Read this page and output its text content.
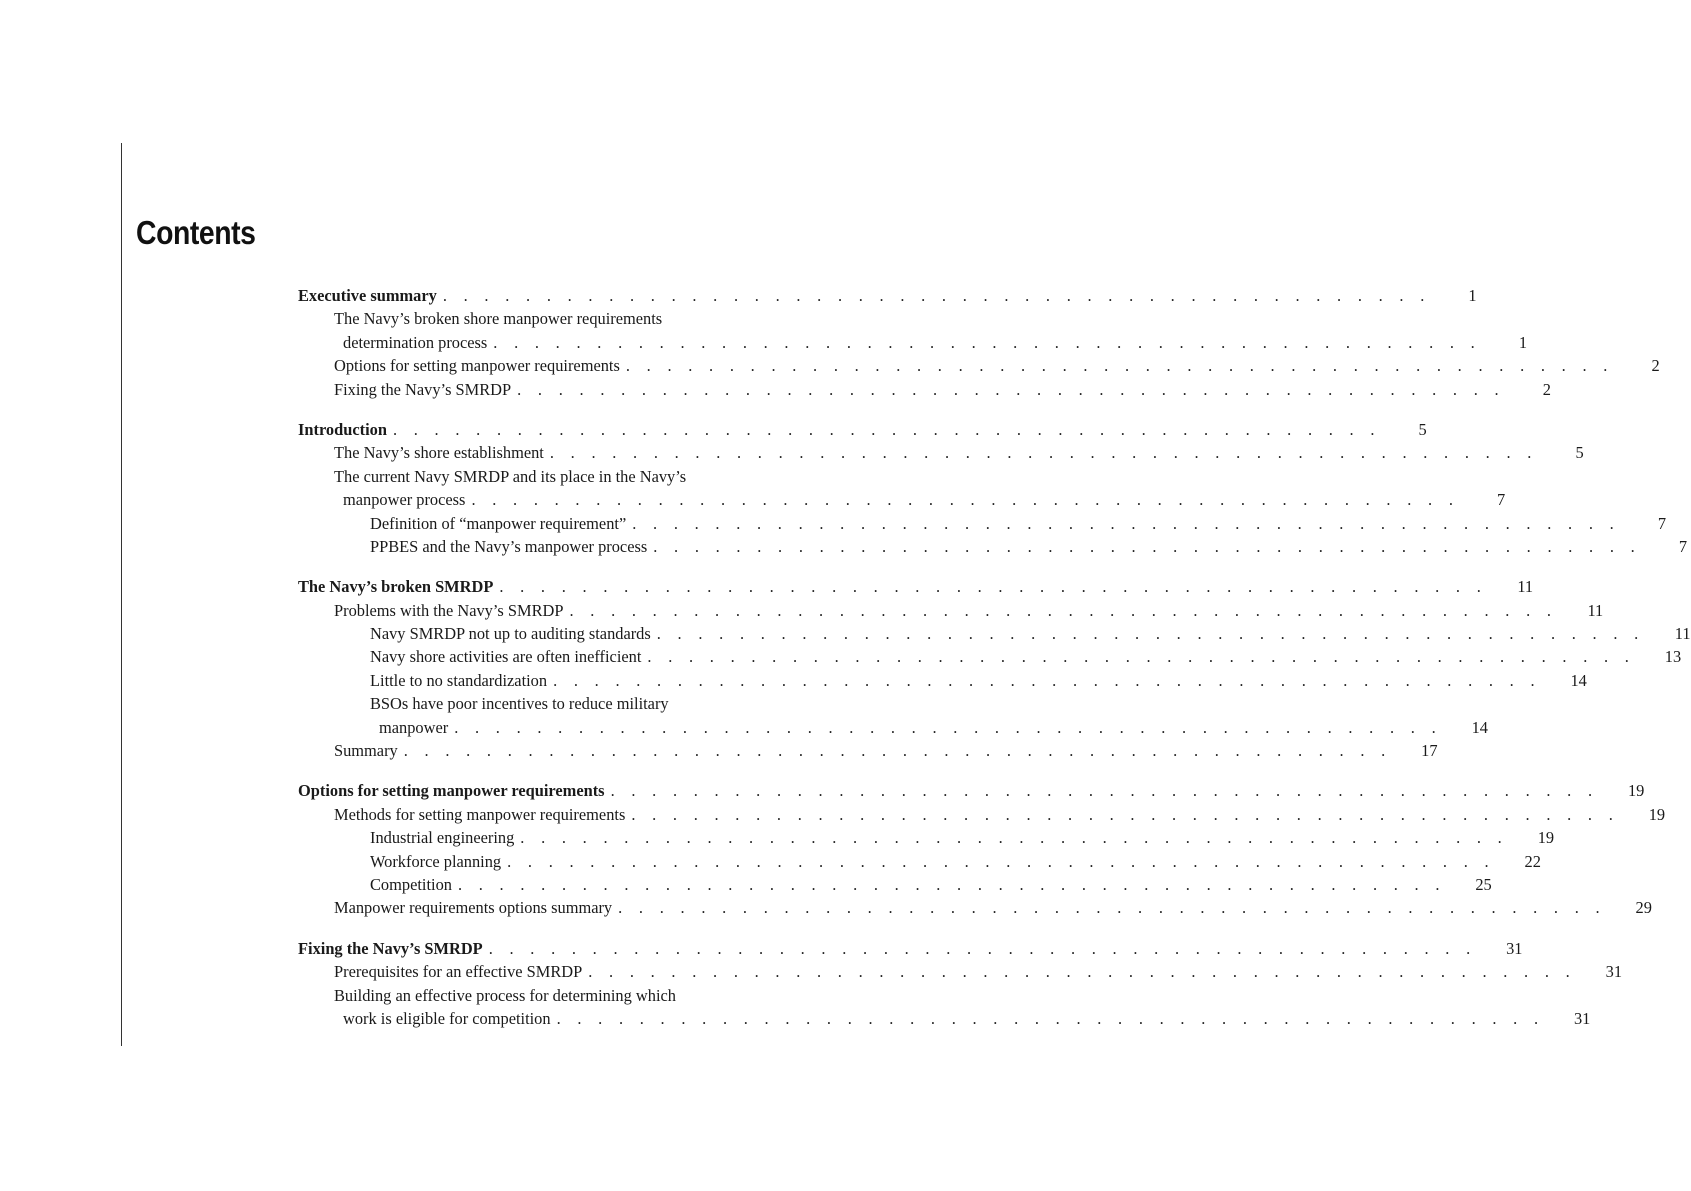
Contents
Executive summary . . . . . . . . . . . . . . . . . . . . . . . . . . . . . . . . . . . . . . . . . . . . . . . .	1
The Navy’s broken shore manpower requirements
determination process . . . . . . . . . . . . . . . . . . . . . . . . . . . . . . . . . . . . . . . . . . . . . . . .	1
Options for setting manpower requirements . . . . . . . . . . . . . . . . . . . . . . . . . . . . . . . . . . . . . . . . . . . . . . . .	2
Fixing the Navy’s SMRDP . . . . . . . . . . . . . . . . . . . . . . . . . . . . . . . . . . . . . . . . . . . . . . . .	2
Introduction . . . . . . . . . . . . . . . . . . . . . . . . . . . . . . . . . . . . . . . . . . . . . . . .	5
The Navy’s shore establishment . . . . . . . . . . . . . . . . . . . . . . . . . . . . . . . . . . . . . . . . . . . . . . . .	5
The current Navy SMRDP and its place in the Navy’s
manpower process . . . . . . . . . . . . . . . . . . . . . . . . . . . . . . . . . . . . . . . . . . . . . . . .	7
Definition of “manpower requirement” . . . . . . . . . . . . . . . . . . . . . . . . . . . . . . . . . . . . . . . . . . . . . . . .	7
PPBES and the Navy’s manpower process . . . . . . . . . . . . . . . . . . . . . . . . . . . . . . . . . . . . . . . . . . . . . . . .	7
The Navy’s broken SMRDP . . . . . . . . . . . . . . . . . . . . . . . . . . . . . . . . . . . . . . . . . . . . . . . .	11
Problems with the Navy’s SMRDP . . . . . . . . . . . . . . . . . . . . . . . . . . . . . . . . . . . . . . . . . . . . . . . .	11
Navy SMRDP not up to auditing standards . . . . . . . . . . . . . . . . . . . . . . . . . . . . . . . . . . . . . . . . . . . . . . . .	11
Navy shore activities are often inefficient . . . . . . . . . . . . . . . . . . . . . . . . . . . . . . . . . . . . . . . . . . . . . . . .	13
Little to no standardization . . . . . . . . . . . . . . . . . . . . . . . . . . . . . . . . . . . . . . . . . . . . . . . .	14
BSOs have poor incentives to reduce military
manpower . . . . . . . . . . . . . . . . . . . . . . . . . . . . . . . . . . . . . . . . . . . . . . . .	14
Summary . . . . . . . . . . . . . . . . . . . . . . . . . . . . . . . . . . . . . . . . . . . . . . . .	17
Options for setting manpower requirements . . . . . . . . . . . . . . . . . . . . . . . . . . . . . . . . . . . . . . . . . . . . . . . .	19
Methods for setting manpower requirements . . . . . . . . . . . . . . . . . . . . . . . . . . . . . . . . . . . . . . . . . . . . . . . .	19
Industrial engineering . . . . . . . . . . . . . . . . . . . . . . . . . . . . . . . . . . . . . . . . . . . . . . . .	19
Workforce planning . . . . . . . . . . . . . . . . . . . . . . . . . . . . . . . . . . . . . . . . . . . . . . . .	22
Competition . . . . . . . . . . . . . . . . . . . . . . . . . . . . . . . . . . . . . . . . . . . . . . . .	25
Manpower requirements options summary . . . . . . . . . . . . . . . . . . . . . . . . . . . . . . . . . . . . . . . . . . . . . . . .	29
Fixing the Navy’s SMRDP . . . . . . . . . . . . . . . . . . . . . . . . . . . . . . . . . . . . . . . . . . . . . . . .	31
Prerequisites for an effective SMRDP . . . . . . . . . . . . . . . . . . . . . . . . . . . . . . . . . . . . . . . . . . . . . . . .	31
Building an effective process for determining which
work is eligible for competition . . . . . . . . . . . . . . . . . . . . . . . . . . . . . . . . . . . . . . . . . . . . . . . .	31
